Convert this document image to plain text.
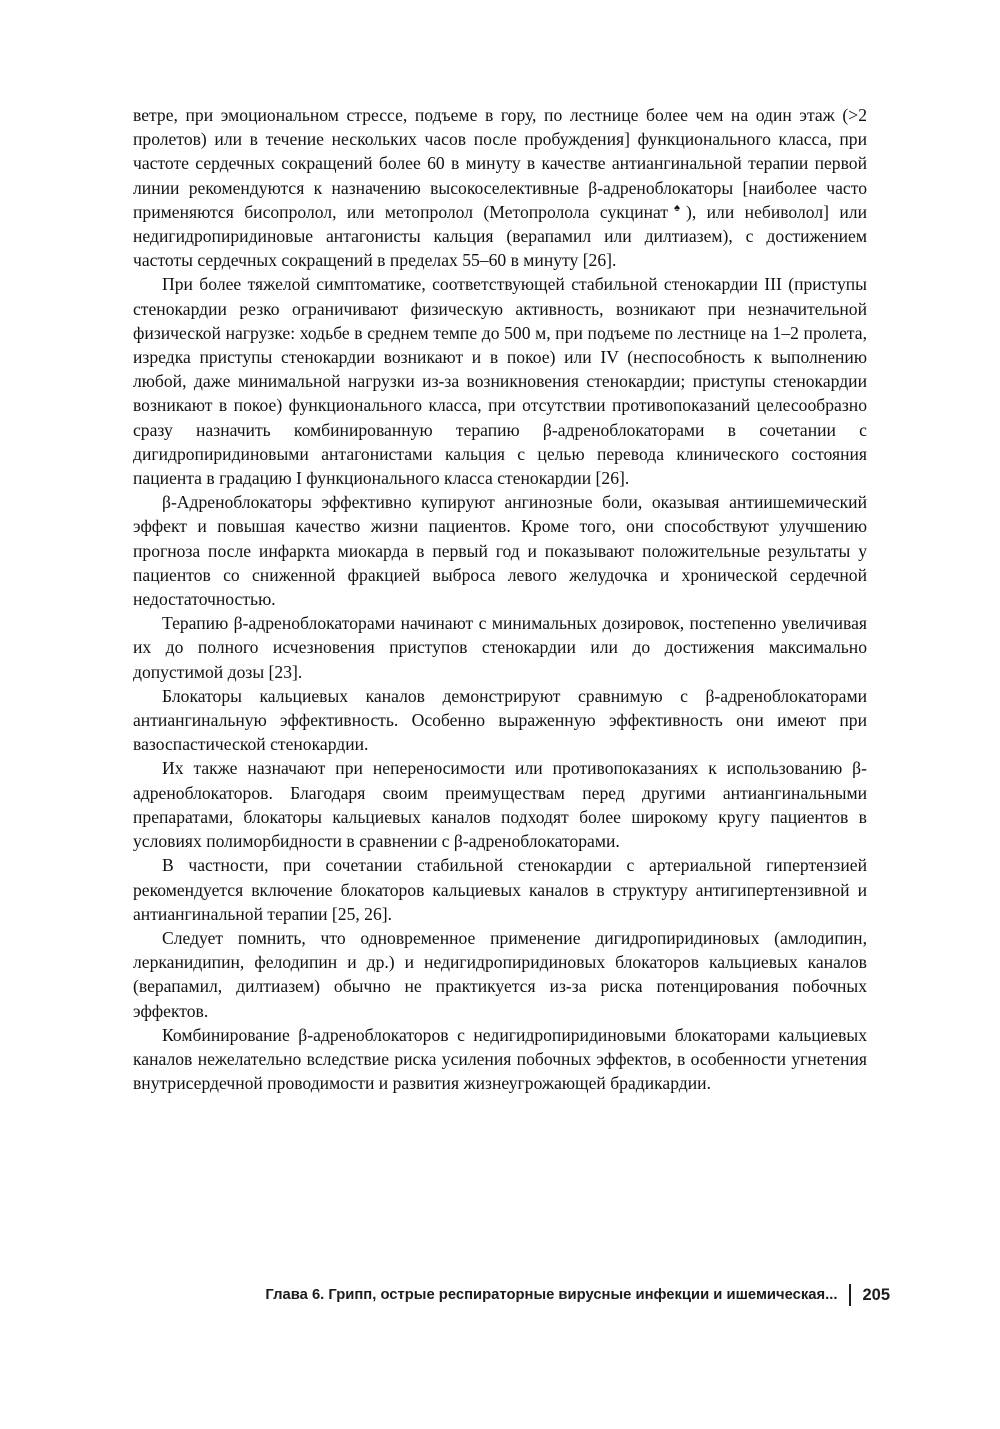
ветре, при эмоциональном стрессе, подъеме в гору, по лестнице более чем на один этаж (>2 пролетов) или в течение нескольких часов после пробуждения] функционального класса, при частоте сердечных сокращений более 60 в минуту в качестве антиангинальной терапии первой линии рекомендуются к назначению высокоселективные β-адреноблокаторы [наиболее часто применяются бисопролол, или метопролол (Метопролола сукцинат♠), или небиволол] или недигидропиридиновые антагонисты кальция (верапамил или дилтиазем), с достижением частоты сердечных сокращений в пределах 55–60 в минуту [26].

При более тяжелой симптоматике, соответствующей стабильной стенокардии III (приступы стенокардии резко ограничивают физическую активность, возникают при незначительной физической нагрузке: ходьбе в среднем темпе до 500 м, при подъеме по лестнице на 1–2 пролета, изредка приступы стенокардии возникают и в покое) или IV (неспособность к выполнению любой, даже минимальной нагрузки из-за возникновения стенокардии; приступы стенокардии возникают в покое) функционального класса, при отсутствии противопоказаний целесообразно сразу назначить комбинированную терапию β-адреноблокаторами в сочетании с дигидропиридиновыми антагонистами кальция с целью перевода клинического состояния пациента в градацию I функционального класса стенокардии [26].

β-Адреноблокаторы эффективно купируют ангинозные боли, оказывая антиишемический эффект и повышая качество жизни пациентов. Кроме того, они способствуют улучшению прогноза после инфаркта миокарда в первый год и показывают положительные результаты у пациентов со сниженной фракцией выброса левого желудочка и хронической сердечной недостаточностью.

Терапию β-адреноблокаторами начинают с минимальных дозировок, постепенно увеличивая их до полного исчезновения приступов стенокардии или до достижения максимально допустимой дозы [23].

Блокаторы кальциевых каналов демонстрируют сравнимую с β-адреноблокаторами антиангинальную эффективность. Особенно выраженную эффективность они имеют при вазоспастической стенокардии.

Их также назначают при непереносимости или противопоказаниях к использованию β-адреноблокаторов. Благодаря своим преимуществам перед другими антиангинальными препаратами, блокаторы кальциевых каналов подходят более широкому кругу пациентов в условиях полиморбидности в сравнении с β-адреноблокаторами.

В частности, при сочетании стабильной стенокардии с артериальной гипертензией рекомендуется включение блокаторов кальциевых каналов в структуру антигипертензивной и антиангинальной терапии [25, 26].

Следует помнить, что одновременное применение дигидропиридиновых (амлодипин, лерканидипин, фелодипин и др.) и недигидропиридиновых блокаторов кальциевых каналов (верапамил, дилтиазем) обычно не практикуется из-за риска потенцирования побочных эффектов.

Комбинирование β-адреноблокаторов с недигидропиридиновыми блокаторами кальциевых каналов нежелательно вследствие риска усиления побочных эффектов, в особенности угнетения внутрисердечной проводимости и развития жизнеугрожающей брадикардии.

Глава 6. Грипп, острые респираторные вирусные инфекции и ишемическая... 205
